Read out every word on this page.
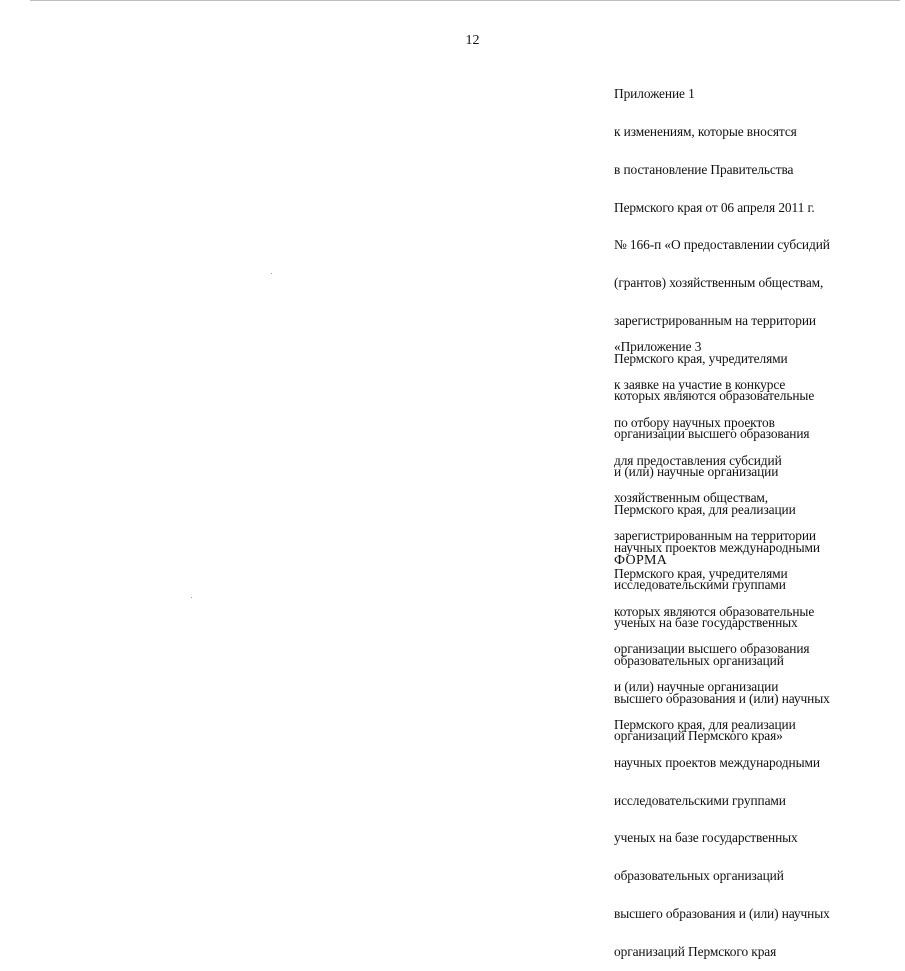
12

Приложение 1

к изменениям, которые вносятся

в постановление Правительства

Пермского края от 06 апреля 2011 г.

№ 166-п «О предоставлении субсидий

(грантов) хозяйственным обществам,

зарегистрированным на территории

Пермского края, учредителями

которых являются образовательные

организации высшего образования

и (или) научные организации

Пермского края, для реализации

научных проектов международными

исследовательскими группами

ученых на базе государственных

образовательных организаций

высшего образования и (или) научных

организаций Пермского края»

«Приложение 3

к заявке на участие в конкурсе

по отбору научных проектов

для предоставления субсидий

хозяйственным обществам,

зарегистрированным на территории

Пермского края, учредителями

которых являются образовательные

организации высшего образования

и (или) научные организации

Пермского края, для реализации

научных проектов международными

исследовательскими группами

ученых на базе государственных

образовательных организаций

высшего образования и (или) научных

организаций Пермского края

ФОРМА
